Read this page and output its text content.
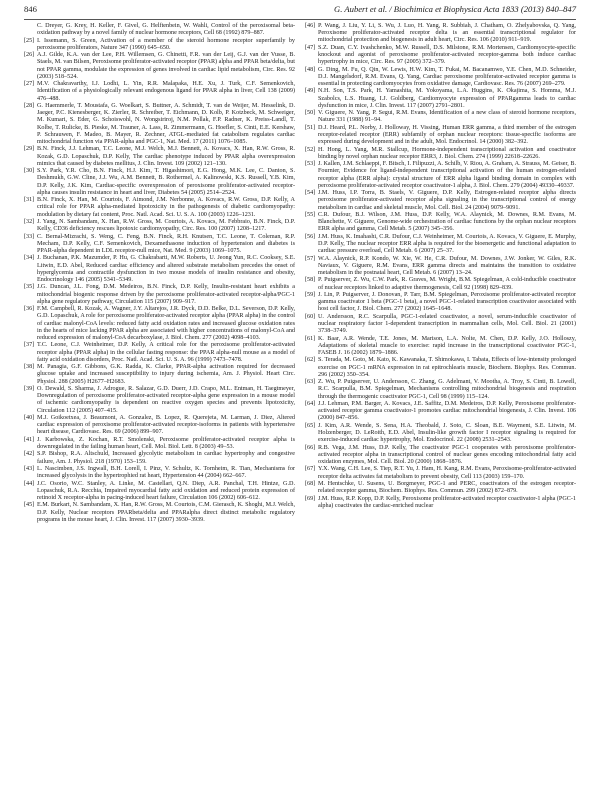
846	G. Aubert et al. / Biochimica et Biophysica Acta 1833 (2013) 840–847
C. Dreyer, G. Krey, H. Keller, F. Givel, G. Helftenbein, W. Wahli, Control of the peroxisomal beta-oxidation pathway by a novel family of nuclear hormone receptors, Cell 68 (1992) 879–887.
[25] I. Issemann, S. Green, Activation of a member of the steroid hormone receptor superfamily by peroxisome proliferators, Nature 347 (1990) 645–650.
[26] A.J. Gilde, K.A. van der Lee, P.H. Willemsen, G. Chinetti, F.R. van der Leij, G.J. van der Vusse, B. Staels, M. van Bilsen, Peroxisome proliferator-activated receptor (PPAR) alpha and PPAR beta/delta, but not PPAR gamma, modulate the expression of genes involved in cardiac lipid metabolism, Circ. Res. 92 (2003) 518–524.
[27] M.V. Chakravarthy, I.J. Lodhi, L. Yin, R.R. Malapaka, H.E. Xu, J. Turk, C.F. Semenkovich, Identification of a physiologically relevant endogenous ligand for PPAR alpha in liver, Cell 138 (2009) 476–488.
[28] G. Haemmerle, T. Moustafa, G. Woelkart, S. Buttner, A. Schmidt, T. van de Weijer, M. Hesselink, D. Jaeger, P.C. Kienesberger, K. Zierler, R. Schreiber, T. Eichmann, D. Kolb, P. Kotzbeck, M. Schweiger, M. Kumari, S. Eder, G. Schoiswohl, N. Wongsiriroj, N.M. Pollak, F.P. Radner, K. Preiss-Landl, T. Kolbe, T. Rulicke, B. Pieske, M. Trauner, A. Lass, R. Zimmermann, G. Hoefler, S. Cinti, E.E. Kershaw, P. Schrauwen, F. Madeo, B. Mayer, R. Zechner, ATGL-mediated fat catabolism regulates cardiac mitochondrial function via PPAR-alpha and PGC-1, Nat. Med. 17 (2011) 1076–1085.
[29] B.N. Finck, J.J. Lehman, T.C. Leone, M.J. Welch, M.J. Bennett, A. Kovacs, X. Han, R.W. Gross, R. Kozak, G.D. Lopaschuk, D.P. Kelly, The cardiac phenotype induced by PPAR alpha overexpression mimics that caused by diabetes mellitus, J. Clin. Invest. 109 (2002) 121–130.
[30] S.Y. Park, Y.R. Cho, B.N. Finck, H.J. Kim, T. Higashimori, E.G. Hong, M.K. Lee, C. Danton, S. Deshmukh, G.W. Cline, J.J. Wu, A.M. Bennett, B. Rothermel, A. Kalinowski, K.S. Russell, Y.B. Kim, D.P. Kelly, J.K. Kim, Cardiac-specific overexpression of peroxisome proliferator-activated receptor-alpha causes insulin resistance in heart and liver, Diabetes 54 (2005) 2514–2524.
[31] B.N. Finck, X. Han, M. Courtois, F. Aimond, J.M. Nerbonne, A. Kovacs, R.W. Gross, D.P. Kelly, A critical role for PPAR alpha-mediated lipotoxicity in the pathogenesis of diabetic cardiomyopathy: modulation by dietary fat content, Proc. Natl. Acad. Sci. U. S. A. 100 (2003) 1226–1231.
[32] J. Yang, N. Sambandam, X. Han, R.W. Gross, M. Courtois, A. Kovacs, M. Febbraio, B.N. Finck, D.P. Kelly, CD36 deficiency rescues lipotoxic cardiomyopathy, Circ. Res. 100 (2007) 1208–1217.
[33] C. Bernal-Mizrachi, S. Weng, C. Feng, B.N. Finck, R.H. Knutsen, T.C. Leone, T. Coleman, R.P. Mecham, D.P. Kelly, C.F. Semenkovich, Dexamethasone induction of hypertension and diabetes is PPAR-alpha dependent in LDL receptor-null mice, Nat. Med. 9 (2003) 1069–1075.
[34] J. Buchanan, P.K. Mazumder, P. Hu, G. Chakrabarti, M.W. Roberts, U. Jeong Yun, R.C. Cooksey, S.E. Litwin, E.D. Abel, Reduced cardiac efficiency and altered substrate metabolism precedes the onset of hyperglycemia and contractile dysfunction in two mouse models of insulin resistance and obesity, Endocrinology 146 (2005) 5341–5349.
[35] J.G. Duncan, J.L. Fong, D.M. Medeiros, B.N. Finck, D.P. Kelly, Insulin-resistant heart exhibits a mitochondrial biogenic response driven by the peroxisome proliferator-activated receptor-alpha/PGC-1 alpha gene regulatory pathway, Circulation 115 (2007) 909–917.
[36] F.M. Campbell, R. Kozak, A. Wagner, J.Y. Altarejos, J.R. Dyck, D.D. Belke, D.L. Severson, D.P. Kelly, G.D. Lopaschuk, A role for peroxisome proliferator-activated receptor alpha (PPAR alpha) in the control of cardiac malonyl-CoA levels: reduced fatty acid oxidation rates and increased glucose oxidation rates in the hearts of mice lacking PPAR alpha are associated with higher concentrations of malonyl-CoA and reduced expression of malonyl-CoA decarboxylase, J. Biol. Chem. 277 (2002) 4098–4103.
[37] T.C. Leone, C.J. Weinheimer, D.P. Kelly, A critical role for the peroxisome proliferator-activated receptor alpha (PPAR alpha) in the cellular fasting response: the PPAR alpha-null mouse as a model of fatty acid oxidation disorders, Proc. Natl. Acad. Sci. U. S. A. 96 (1999) 7473–7478.
[38] M. Panagia, G.F. Gibbons, G.K. Radda, K. Clarke, PPAR-alpha activation required for decreased glucose uptake and increased susceptibility to injury during ischemia, Am. J. Physiol. Heart Circ. Physiol. 288 (2005) H2677–H2683.
[39] O. Dewald, S. Sharma, J. Adrogue, R. Salazar, G.D. Duerr, J.D. Crapo, M.L. Entman, H. Taegtmeyer, Downregulation of peroxisome proliferator-activated receptor-alpha gene expression in a mouse model of ischemic cardiomyopathy is dependent on reactive oxygen species and prevents lipotoxicity, Circulation 112 (2005) 407–415.
[40] M.J. Goikoetxea, J. Beaumont, A. Gonzalez, B. Lopez, R. Querejeta, M. Larman, J. Diez, Altered cardiac expression of peroxisome proliferator-activated receptor-isoforms in patients with hypertensive heart disease, Cardiovasc. Res. 69 (2006) 899–907.
[41] J. Karbowska, Z. Kochan, R.T. Smolenski, Peroxisome proliferator-activated receptor alpha is downregulated in the failing human heart, Cell. Mol. Biol. Lett. 8 (2003) 49–53.
[42] S.P. Bishop, R.A. Altschuld, Increased glycolytic metabolism in cardiac hypertrophy and congestive failure, Am. J. Physiol. 218 (1970) 153–159.
[43] L. Nascimben, J.S. Ingwall, B.H. Lorell, I. Pinz, V. Schultz, K. Tornheim, R. Tian, Mechanisms for increased glycolysis in the hypertrophied rat heart, Hypertension 44 (2004) 662–667.
[44] J.C. Osorio, W.C. Stanley, A. Linke, M. Castellari, Q.N. Diep, A.R. Panchal, T.H. Hintze, G.D. Lopaschuk, R.A. Recchia, Impaired myocardial fatty acid oxidation and reduced protein expression of retinoid X receptor-alpha in pacing-induced heart failure, Circulation 106 (2002) 606–612.
[45] E.M. Burkart, N. Sambandam, X. Han, R.W. Gross, M. Courtois, C.M. Gierasch, K. Shoghi, M.J. Welch, D.P. Kelly, Nuclear receptors PPARbeta/delta and PPARalpha direct distinct metabolic regulatory programs in the mouse heart, J. Clin. Invest. 117 (2007) 3930–3939.
[46] P. Wang, J. Liu, Y. Li, S. Wu, J. Luo, H. Yang, R. Subbiah, J. Chatham, O. Zhelyabovska, Q. Yang, Peroxisome proliferator-activated receptor delta is an essential transcriptional regulator for mitochondrial protection and biogenesis in adult heart, Circ. Res. 106 (2010) 911–919.
[47] S.Z. Duan, C.Y. Ivashchenko, M.W. Russell, D.S. Milstone, R.M. Mortensen, Cardiomyocyte-specific knockout and agonist of peroxisome proliferator-activated receptor-gamma both induce cardiac hypertrophy in mice, Circ. Res. 97 (2005) 372–379.
[48] G. Ding, M. Fu, Q. Qin, W. Lewis, H.W. Kim, T. Fukai, M. Bacanamwo, Y.E. Chen, M.D. Schneider, D.J. Mangelsdorf, R.M. Evans, Q. Yang, Cardiac peroxisome proliferator-activated receptor gamma is essential in protecting cardiomyocytes from oxidative damage, Cardiovasc. Res. 76 (2007) 269–279.
[49] N.H. Son, T.S. Park, H. Yamashita, M. Yokoyama, L.A. Huggins, K. Okajima, S. Homma, M.J. Szabolcs, L.S. Huang, I.J. Goldberg, Cardiomyocyte expression of PPARgamma leads to cardiac dysfunction in mice, J. Clin. Invest. 117 (2007) 2791–2801.
[50] V. Giguere, N. Yang, P. Segui, R.M. Evans, Identification of a new class of steroid hormone receptors, Nature 331 (1988) 91–94.
[51] D.J. Heard, P.L. Norby, J. Holloway, H. Vissing, Human ERR gamma, a third member of the estrogen receptor-related receptor (ERR) subfamily of orphan nuclear receptors: tissue-specific isoforms are expressed during development and in the adult, Mol. Endocrinol. 14 (2000) 382–392.
[52] H. Hong, L. Yang, M.R. Stallcup, Hormone-independent transcriptional activation and coactivator binding by novel orphan nuclear receptor ERR3, J. Biol. Chem. 274 (1999) 22618–22626.
[53] J. Kallen, J.M. Schlaeppi, F. Bitsch, I. Filipuzzi, A. Schilb, V. Riou, A. Graham, A. Strauss, M. Geiser, B. Fournier, Evidence for ligand-independent transcriptional activation of the human estrogen-related receptor alpha (ERR alpha): crystal structure of ERR alpha ligand binding domain in complex with peroxisome proliferator-activated receptor coactivator-1 alpha, J. Biol. Chem. 279 (2004) 49330–49337.
[54] J.M. Huss, I.P. Torra, B. Staels, V. Giguere, D.P. Kelly, Estrogen-related receptor alpha directs peroxisome proliferator-activated receptor alpha signaling in the transcriptional control of energy metabolism in cardiac and skeletal muscle, Mol. Cell. Biol. 24 (2004) 9079–9091.
[55] C.R. Dufour, B.J. Wilson, J.M. Huss, D.P. Kelly, W.A. Alaynick, M. Downes, R.M. Evans, M. Blanchette, V. Giguere, Genome-wide orchestration of cardiac functions by the orphan nuclear receptors ERR alpha and gamma, Cell Metab. 5 (2007) 345–356.
[56] J.M. Huss, K. Imahashi, C.R. Dufour, C.J. Weinheimer, M. Courtois, A. Kovacs, V. Giguere, E. Murphy, D.P. Kelly, The nuclear receptor ERR alpha is required for the bioenergetic and functional adaptation to cardiac pressure overload, Cell Metab. 6 (2007) 25–37.
[57] W.A. Alaynick, R.P. Kondo, W. Xie, W. He, C.R. Dufour, M. Downes, J.W. Jonker, W. Giles, R.K. Naviaux, V. Giguere, R.M. Evans, ERR gamma directs and maintains the transition to oxidative metabolism in the postnatal heart, Cell Metab. 6 (2007) 13–24.
[58] P. Puigserver, Z. Wu, C.W. Park, R. Graves, M. Wright, B.M. Spiegelman, A cold-inducible coactivator of nuclear receptors linked to adaptive thermogenesis, Cell 92 (1998) 829–839.
[59] J. Lin, P. Puigserver, J. Donovan, P. Tarr, B.M. Spiegelman, Peroxisome proliferator-activated receptor gamma coactivator 1 beta (PGC-1 beta), a novel PGC-1-related transcription coactivator associated with host cell factor, J. Biol. Chem. 277 (2002) 1645–1648.
[60] U. Andersson, R.C. Scarpulla, PGC-1-related coactivator, a novel, serum-inducible coactivator of nuclear respiratory factor 1-dependent transcription in mammalian cells, Mol. Cell. Biol. 21 (2001) 3738–3749.
[61] K. Baar, A.R. Wende, T.E. Jones, M. Marison, L.A. Nolte, M. Chen, D.P. Kelly, J.O. Holloszy, Adaptations of skeletal muscle to exercise: rapid increase in the transcriptional coactivator PGC-1, FASEB J. 16 (2002) 1879–1886.
[62] S. Terada, M. Goto, M. Kato, K. Kawanaka, T. Shimokawa, I. Tabata, Effects of low-intensity prolonged exercise on PGC-1 mRNA expression in rat epitrochlearis muscle, Biochem. Biophys. Res. Commun. 296 (2002) 350–354.
[63] Z. Wu, P. Puigserver, U. Andersson, C. Zhang, G. Adelmant, V. Mootha, A. Troy, S. Cinti, B. Lowell, R.C. Scarpulla, B.M. Spiegelman, Mechanisms controlling mitochondrial biogenesis and respiration through the thermogenic coactivator PGC-1, Cell 98 (1999) 115–124.
[64] J.J. Lehman, P.M. Barger, A. Kovacs, J.E. Saffitz, D.M. Medeiros, D.P. Kelly, Peroxisome proliferator-activated receptor gamma coactivator-1 promotes cardiac mitochondrial biogenesis, J. Clin. Invest. 106 (2000) 847–856.
[65] J. Kim, A.R. Wende, S. Sena, H.A. Theobald, J. Soto, C. Sloan, B.E. Wayment, S.E. Litwin, M. Holzenberger, D. LeRoith, E.D. Abel, Insulin-like growth factor I receptor signaling is required for exercise-induced cardiac hypertrophy, Mol. Endocrinol. 22 (2008) 2531–2543.
[66] R.B. Vega, J.M. Huss, D.P. Kelly, The coactivator PGC-1 cooperates with peroxisome proliferator-activated receptor alpha in transcriptional control of nuclear genes encoding mitochondrial fatty acid oxidation enzymes, Mol. Cell. Biol. 20 (2000) 1868–1876.
[67] Y.X. Wang, C.H. Lee, S. Tiep, R.T. Yu, J. Ham, H. Kang, R.M. Evans, Peroxisome-proliferator-activated receptor delta activates fat metabolism to prevent obesity, Cell 113 (2003) 159–170.
[68] M. Hentschke, U. Susens, U. Borgmeyer, PGC-1 and PERC, coactivators of the estrogen receptor-related receptor gamma, Biochem. Biophys. Res. Commun. 299 (2002) 872–879.
[69] J.M. Huss, R.P. Kopp, D.P. Kelly, Peroxisome proliferator-activated receptor coactivator-1 alpha (PGC-1 alpha) coactivates the cardiac-enriched nuclear
